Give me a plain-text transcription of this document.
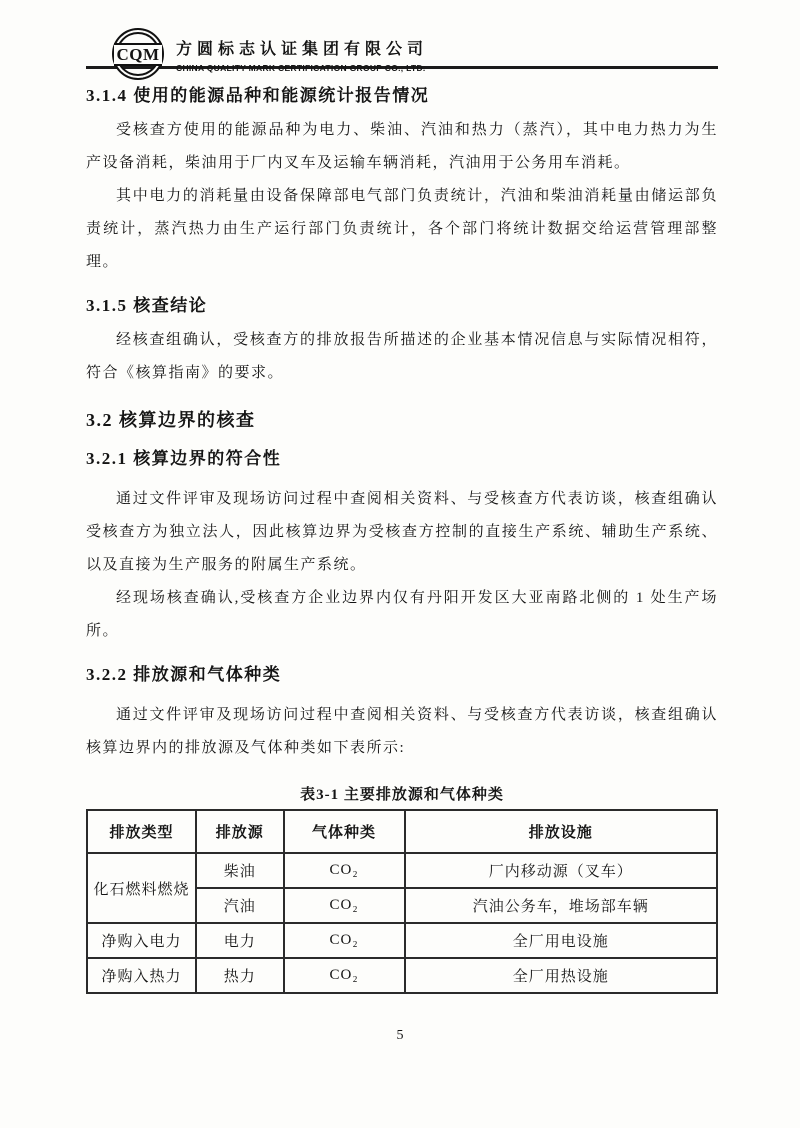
CQM 方圆标志认证集团有限公司
CHINA QUALITY MARK CERTIFICATION GROUP CO., LTD.
3.1.4 使用的能源品种和能源统计报告情况

受核查方使用的能源品种为电力、柴油、汽油和热力（蒸汽），其中电力热力为生产设备消耗，柴油用于厂内叉车及运输车辆消耗，汽油用于公务用车消耗。

其中电力的消耗量由设备保障部电气部门负责统计，汽油和柴油消耗量由储运部负责统计，蒸汽热力由生产运行部门负责统计，各个部门将统计数据交给运营管理部整理。

3.1.5 核查结论

经核查组确认，受核查方的排放报告所描述的企业基本情况信息与实际情况相符，符合《核算指南》的要求。

3.2 核算边界的核查
3.2.1 核算边界的符合性

通过文件评审及现场访问过程中查阅相关资料、与受核查方代表访谈，核查组确认受核查方为独立法人，因此核算边界为受核查方控制的直接生产系统、辅助生产系统、以及直接为生产服务的附属生产系统。

经现场核查确认,受核查方企业边界内仅有丹阳开发区大亚南路北侧的 1 处生产场所。

3.2.2 排放源和气体种类

通过文件评审及现场访问过程中查阅相关资料、与受核查方代表访谈，核查组确认核算边界内的排放源及气体种类如下表所示:

表3-1 主要排放源和气体种类
排放类型	排放源	气体种类	排放设施
化石燃料燃烧	柴油	CO₂	厂内移动源（叉车）
	汽油	CO₂	汽油公务车，堆场部车辆
净购入电力	电力	CO₂	全厂用电设施
净购入热力	热力	CO₂	全厂用热设施
5
